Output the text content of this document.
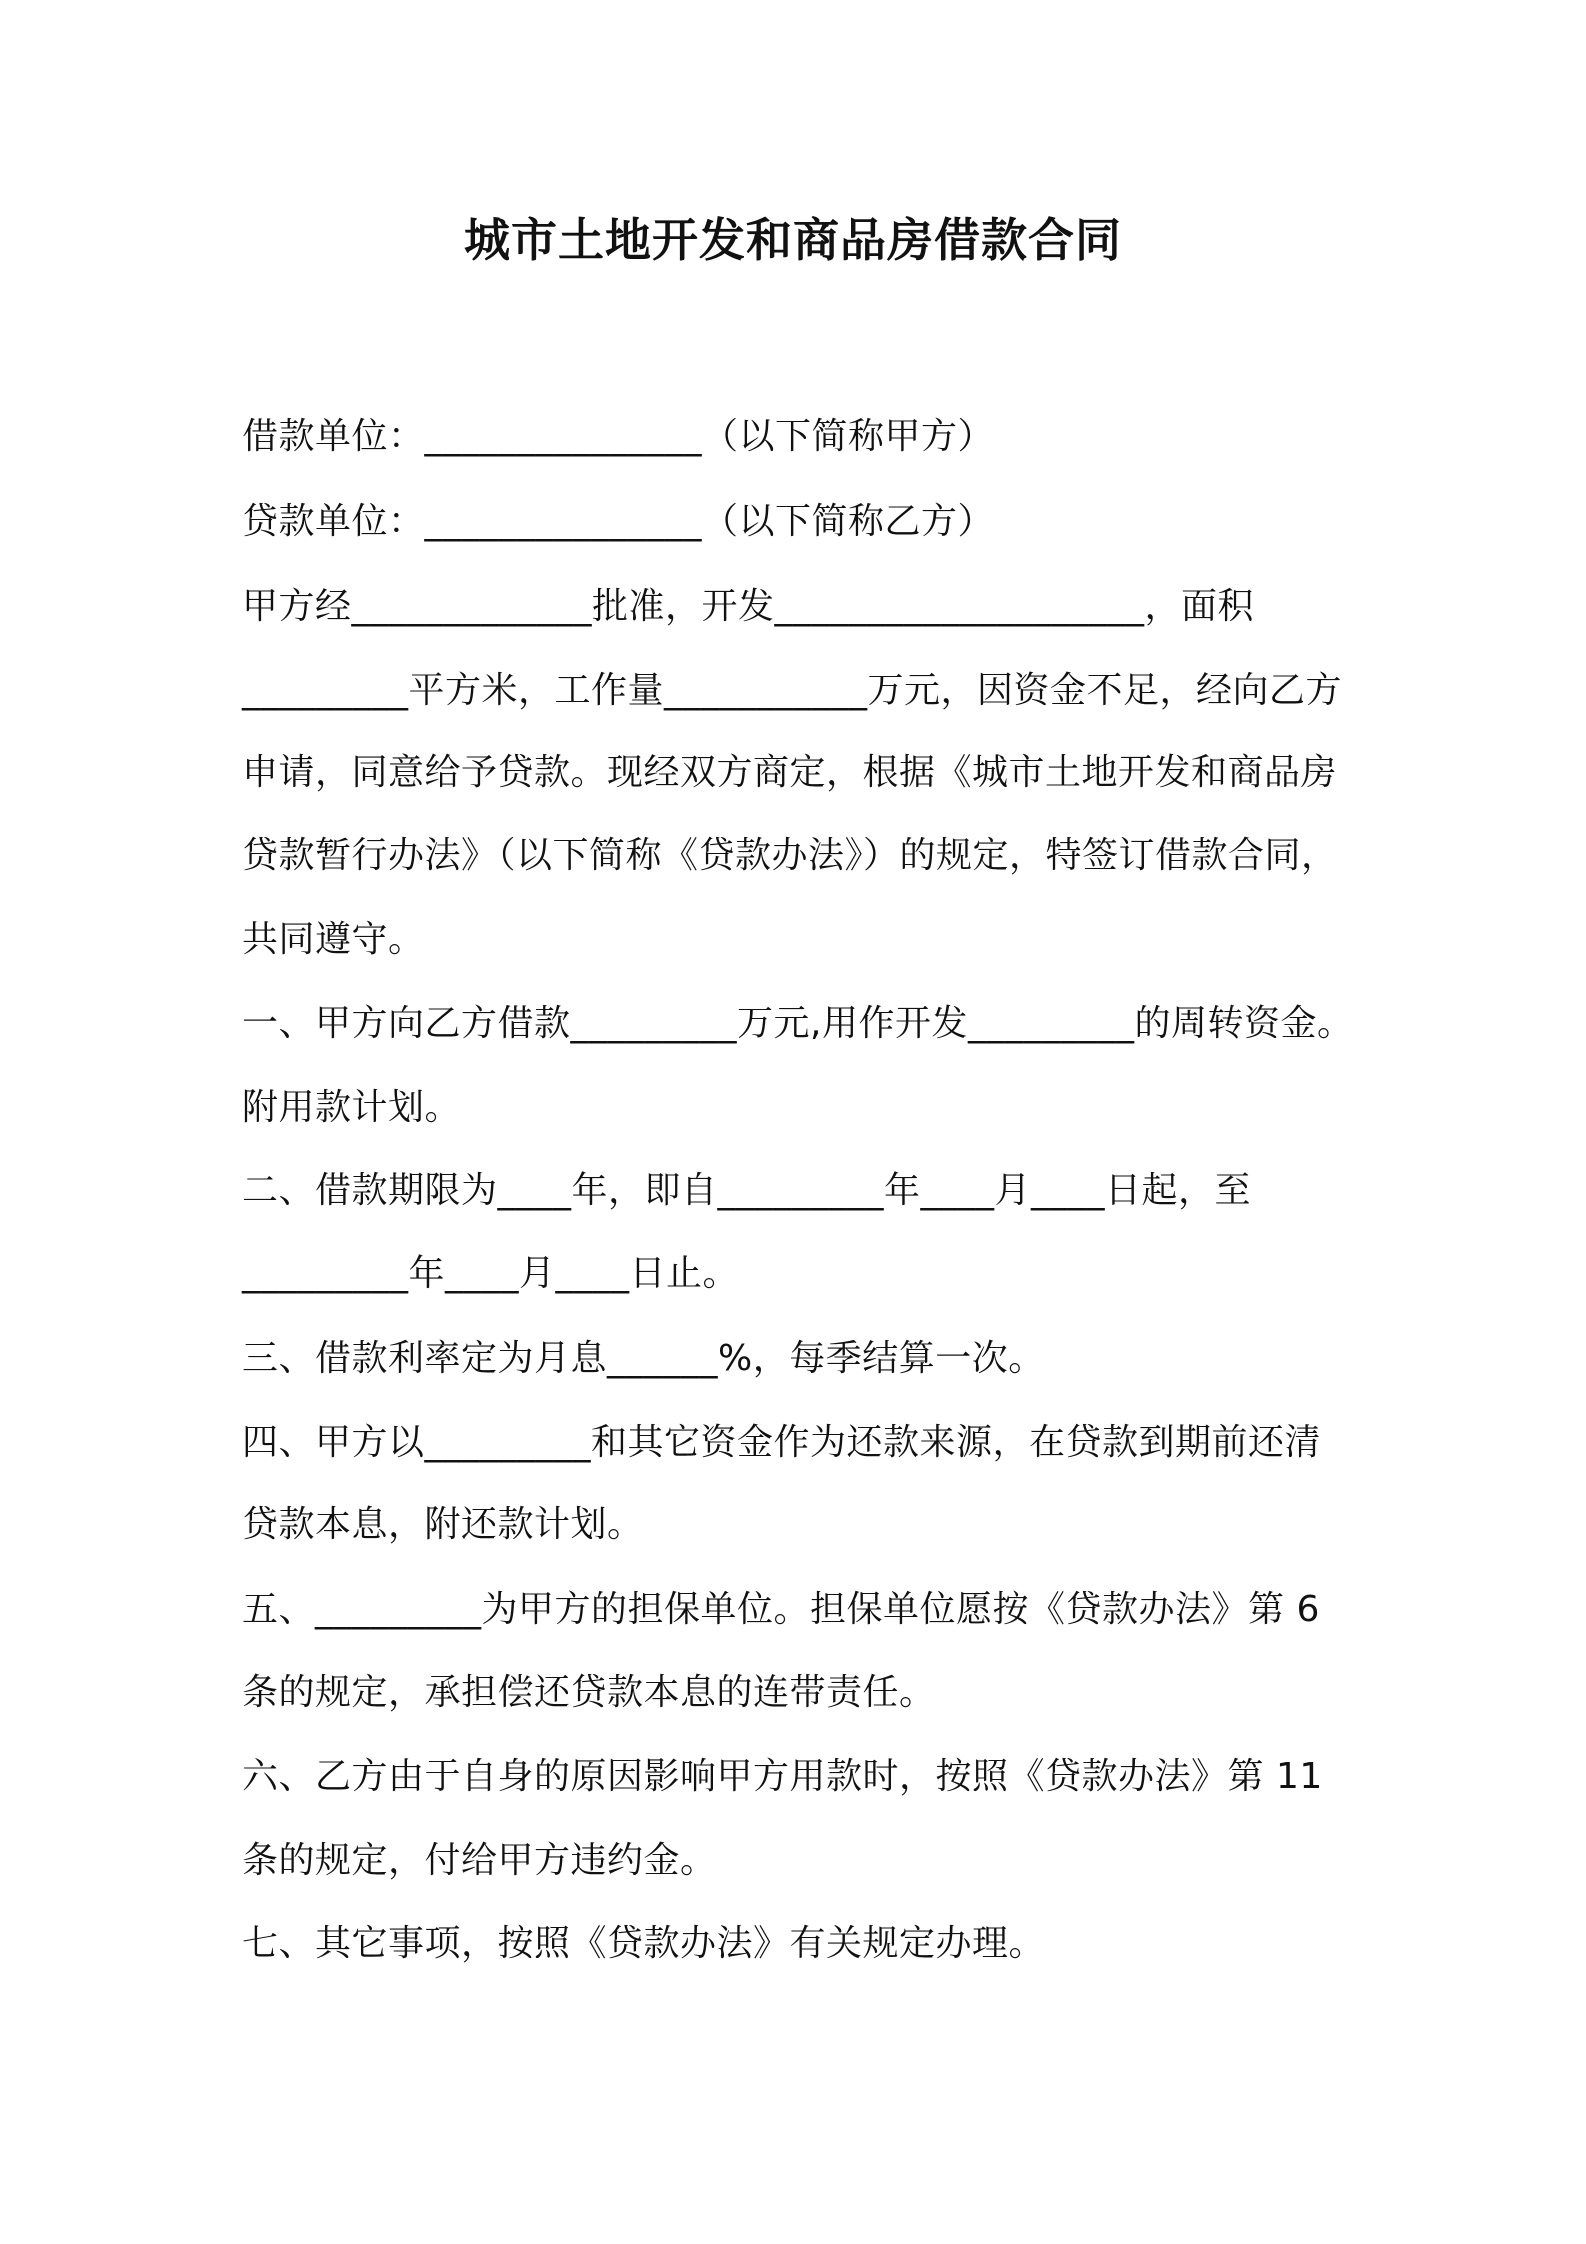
城市土地开发和商品房借款合同
借款单位：_______________（以下简称甲方）
贷款单位：_______________（以下简称乙方）
甲方经_____________批准，开发____________________，面积
_________平方米，工作量___________万元，因资金不足，经向乙方
申请，同意给予贷款。现经双方商定，根据《城市土地开发和商品房
贷款暂行办法》（以下简称《贷款办法》）的规定，特签订借款合同，
共同遵守。
一、甲方向乙方借款_________万元,用作开发_________的周转资金。
附用款计划。
二、借款期限为____年，即自_________年____月____日起，至
_________年____月____日止。
三、借款利率定为月息______%，每季结算一次。
四、甲方以_________和其它资金作为还款来源，在贷款到期前还清
贷款本息，附还款计划。
五、_________为甲方的担保单位。担保单位愿按《贷款办法》第 6
条的规定，承担偿还贷款本息的连带责任。
六、乙方由于自身的原因影响甲方用款时，按照《贷款办法》第 11
条的规定，付给甲方违约金。
七、其它事项，按照《贷款办法》有关规定办理。
